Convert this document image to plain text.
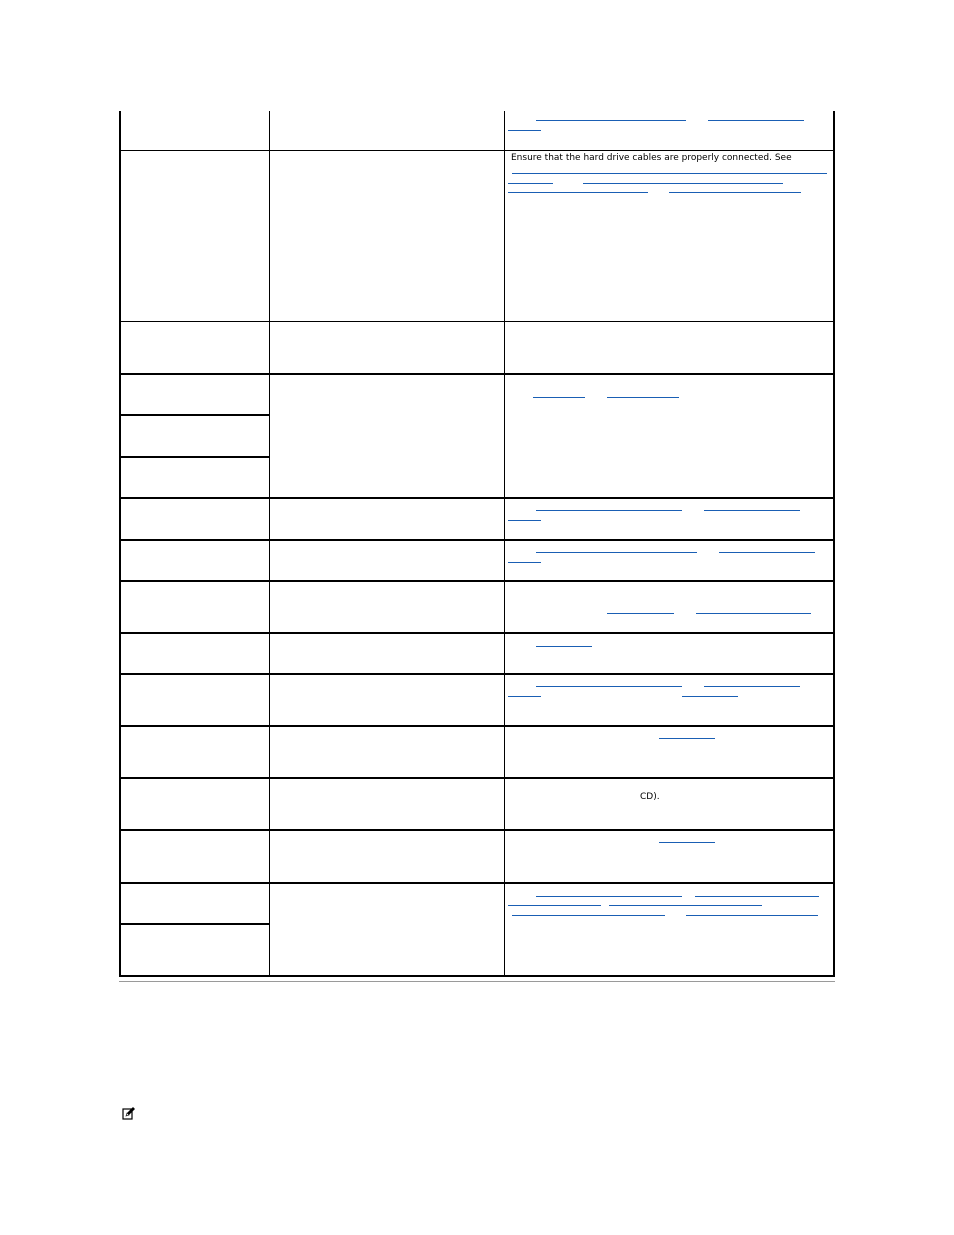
Ensure that the hard drive cables are properly connected. See
CD).
